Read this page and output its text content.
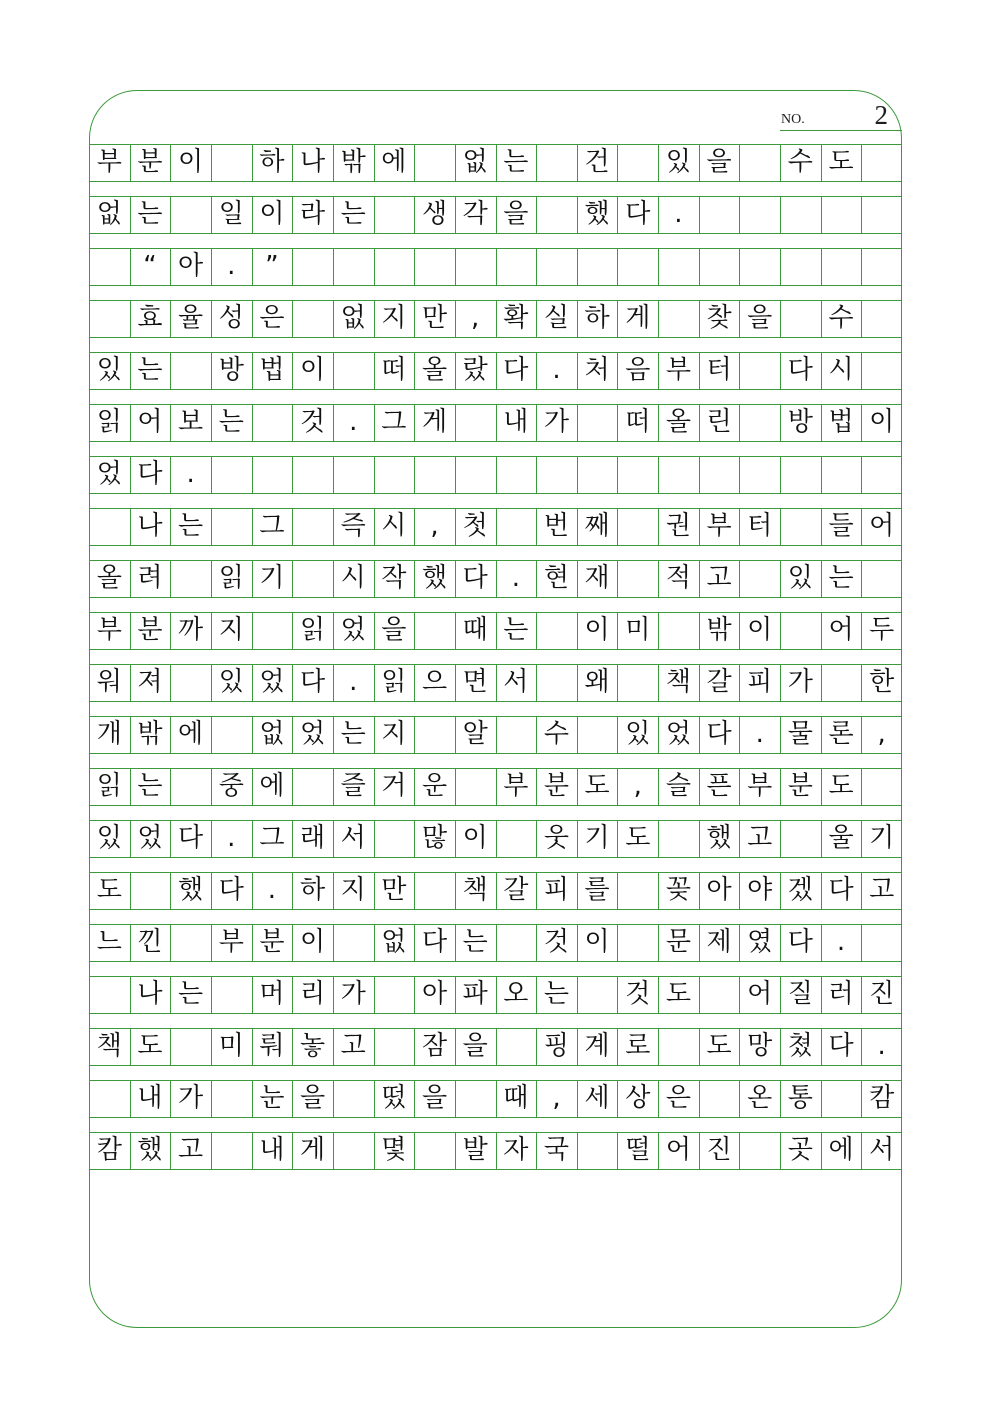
NO.	2
부 분 이 하 나 밖 에 없 는 건 있 을 수 도
없 는 일 이 라 는 생 각 을 했 다 .
“ 아 .	”
효 율 성 은 없 지 만 , 확 실 하 게 찾 을 수
있 는 방 법 이 떠 올 랐 다 . 처 음 부 터 다 시
읽 어 보 는 것 . 그 게 내 가 떠 올 린 방 법 이
었 다 .
나 는 그 즉 시 , 첫 번 째 권 부 터 들 어
올 려 읽 기 시 작 했 다 . 현 재 적 고 있 는
부 분 까 지 읽 었 을 때 는 이 미 밖 이 어 두
워 져 있 었 다 . 읽 으 면 서 왜 책 갈 피 가 한
개 밖 에 없 었 는 지 알 수 있 었 다 . 물 론 ,
읽 는 중 에 즐 거 운 부 분 도 , 슬 픈 부 분 도
있 었 다 . 그 래 서 많 이 웃 기 도 했 고 울 기
도 했 다 . 하 지 만 책 갈 피 를 꽂 아 야 겠 다 고
느 낀 부 분 이 없 다 는 것 이 문 제 였 다 .
나 는 머 리 가 아 파 오 는 것 도 어 질 러 진
책 도 미 뤄 놓 고 잠 을 핑 계 로 도 망 쳤 다 .
내 가 눈 을 떴 을 때 , 세 상 은 온 통 캄
캄 했 고 내 게 몇 발 자 국 떨 어 진 곳 에 서
